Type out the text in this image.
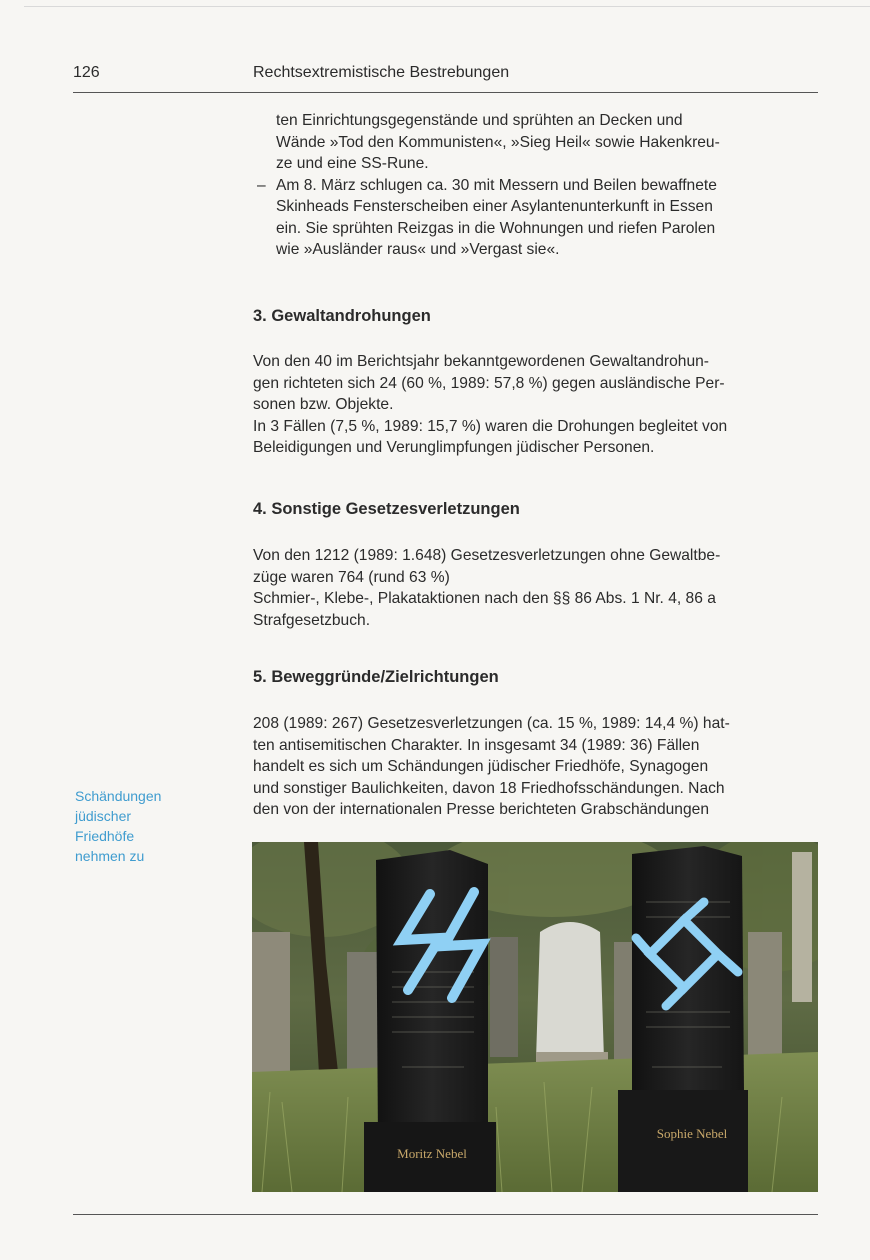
126	Rechtsextremistische Bestrebungen
ten Einrichtungsgegenstände und sprühten an Decken und
Wände »Tod den Kommunisten«, »Sieg Heil« sowie Hakenkreu-
ze und eine SS-Rune.
– Am 8. März schlugen ca. 30 mit Messern und Beilen bewaffnete
Skinheads Fensterscheiben einer Asylantenunterkunft in Essen
ein. Sie sprühten Reizgas in die Wohnungen und riefen Parolen
wie »Ausländer raus« und »Vergast sie«.
3. Gewaltandrohungen
Von den 40 im Berichtsjahr bekanntgewordenen Gewaltandrohun-
gen richteten sich 24 (60 %, 1989: 57,8 %) gegen ausländische Per-
sonen bzw. Objekte.
In 3 Fällen (7,5 %, 1989: 15,7 %) waren die Drohungen begleitet von
Beleidigungen und Verunglimpfungen jüdischer Personen.
4. Sonstige Gesetzesverletzungen
Von den 1212 (1989: 1.648) Gesetzesverletzungen ohne Gewaltbe-
züge waren 764 (rund 63 %)
Schmier-, Klebe-, Plakataktionen nach den §§ 86 Abs. 1 Nr. 4, 86 a
Strafgesetzbuch.
5. Beweggründe/Zielrichtungen
208 (1989: 267) Gesetzesverletzungen (ca. 15 %, 1989: 14,4 %) hat-
ten antisemitischen Charakter. In insgesamt 34 (1989: 36) Fällen
handelt es sich um Schändungen jüdischer Friedhöfe, Synagogen
und sonstiger Baulichkeiten, davon 18 Friedhofsschändungen. Nach
den von der internationalen Presse berichteten Grabschändungen
Schändungen
jüdischer
Friedhöfe
nehmen zu
Moritz Nebel
Sophie Nebel
